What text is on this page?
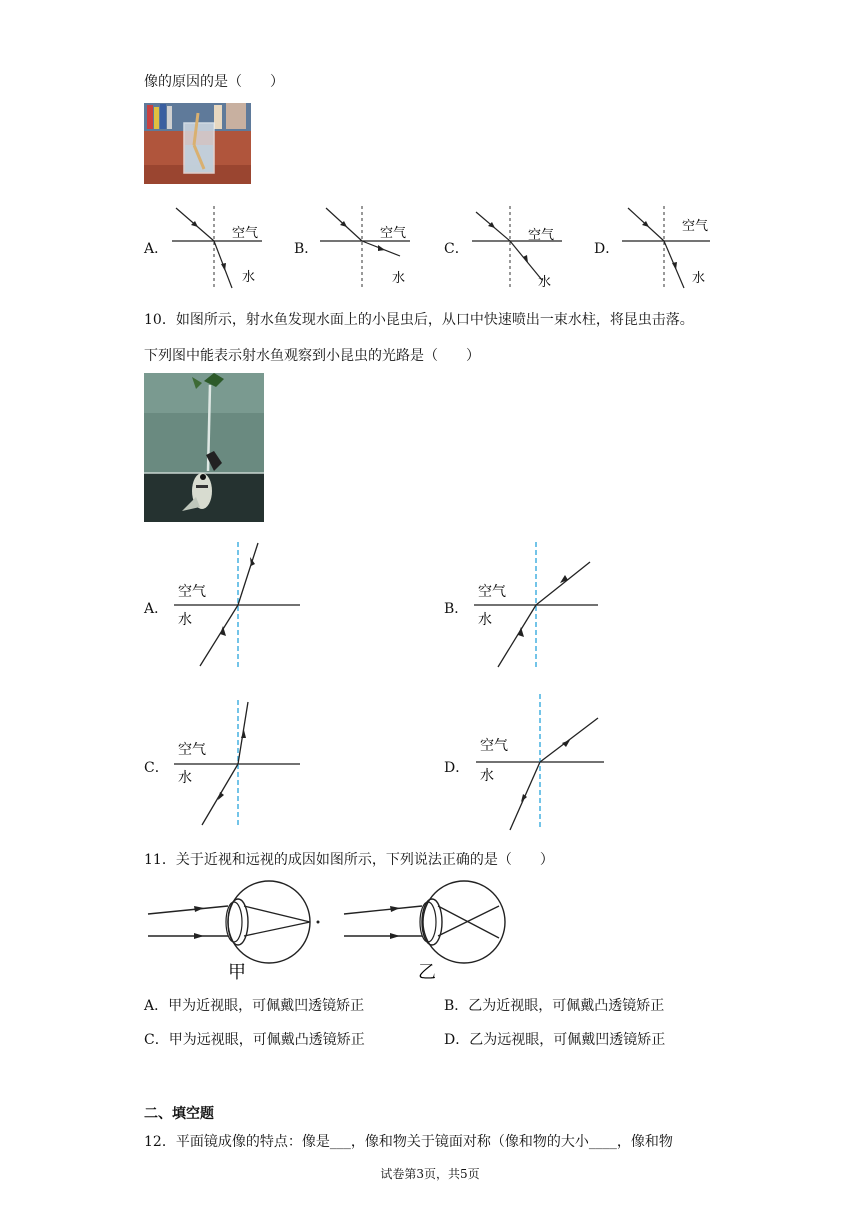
像的原因的是（　　）
A．
空气
水
B．
空气
水
C．
空气
水
D．
空气
水
10．如图所示，射水鱼发现水面上的小昆虫后，从口中快速喷出一束水柱，将昆虫击落。
下列图中能表示射水鱼观察到小昆虫的光路是（　　）
A．
空气
水
B．
空气
水
C．
空气
水
D．
空气
水
11．关于近视和远视的成因如图所示，下列说法正确的是（　　）
甲	乙
A．甲为近视眼，可佩戴凹透镜矫正	B．乙为近视眼，可佩戴凸透镜矫正
C．甲为远视眼，可佩戴凸透镜矫正	D．乙为远视眼，可佩戴凹透镜矫正
二、填空题
12．平面镜成像的特点：像是___，像和物关于镜面对称（像和物的大小____，像和物
试卷第3页，共5页
